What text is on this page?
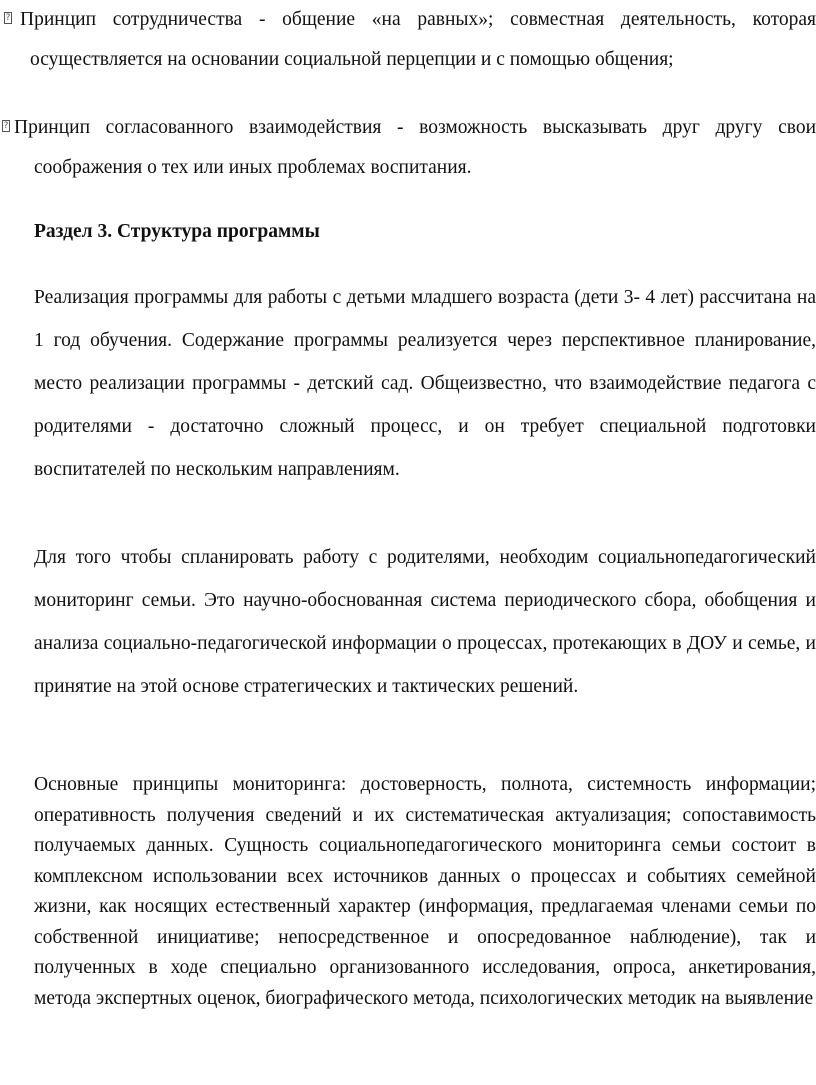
? Принцип сотрудничества - общение «на равных»; совместная деятельность, которая осуществляется на основании социальной перцепции и с помощью общения;
? Принцип согласованного взаимодействия - возможность высказывать друг другу свои соображения о тех или иных проблемах воспитания.
Раздел 3. Структура программы
Реализация программы для работы с детьми младшего возраста (дети 3- 4 лет) рассчитана на 1 год обучения. Содержание программы реализуется через перспективное планирование, место реализации программы - детский сад. Общеизвестно, что взаимодействие педагога с родителями - достаточно сложный процесс, и он требует специальной подготовки воспитателей по нескольким направлениям.
Для того чтобы спланировать работу с родителями, необходим социальнопедагогический мониторинг семьи. Это научно-обоснованная система периодического сбора, обобщения и анализа социально-педагогической информации о процессах, протекающих в ДОУ и семье, и принятие на этой основе стратегических и тактических решений.
Основные принципы мониторинга: достоверность, полнота, системность информации; оперативность получения сведений и их систематическая актуализация; сопоставимость получаемых данных. Сущность социальнопедагогического мониторинга семьи состоит в комплексном использовании всех источников данных о процессах и событиях семейной жизни, как носящих естественный характер (информация, предлагаемая членами семьи по собственной инициативе; непосредственное и опосредованное наблюдение), так и полученных в ходе специально организованного исследования, опроса, анкетирования, метода экспертных оценок, биографического метода, психологических методик на выявление
